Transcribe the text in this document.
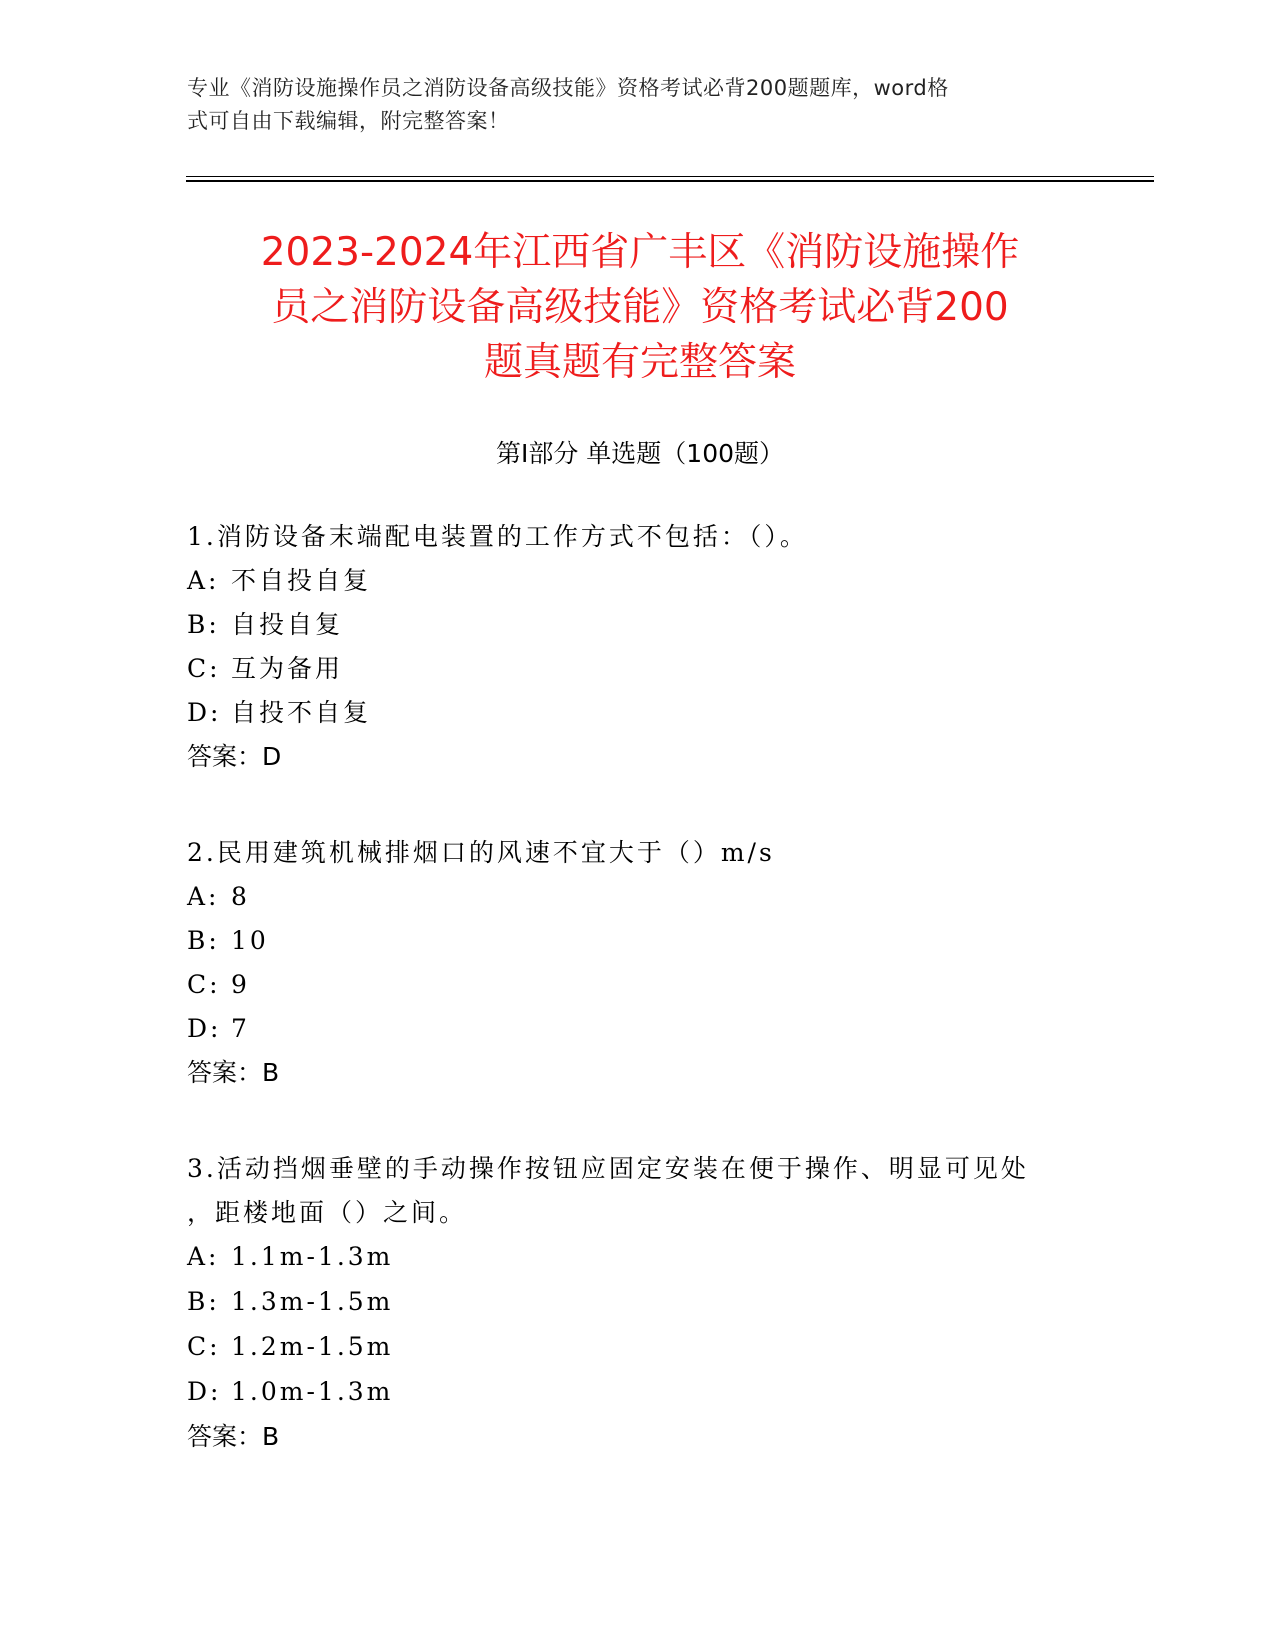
专业《消防设施操作员之消防设备高级技能》资格考试必背200题题库，word格
式可自由下载编辑，附完整答案！
2023-2024年江西省广丰区《消防设施操作
员之消防设备高级技能》资格考试必背200
题真题有完整答案
第Ⅰ部分 单选题（100题）
1.消防设备末端配电装置的工作方式不包括：（）。
A: 不自投自复
B: 自投自复
C: 互为备用
D: 自投不自复
答案：D
2.民用建筑机械排烟口的风速不宜大于（）m/s
A: 8
B: 10
C: 9
D: 7
答案：B
3.活动挡烟垂壁的手动操作按钮应固定安装在便于操作、明显可见处
，距楼地面（）之间。
A: 1.1m-1.3m
B: 1.3m-1.5m
C: 1.2m-1.5m
D: 1.0m-1.3m
答案：B
